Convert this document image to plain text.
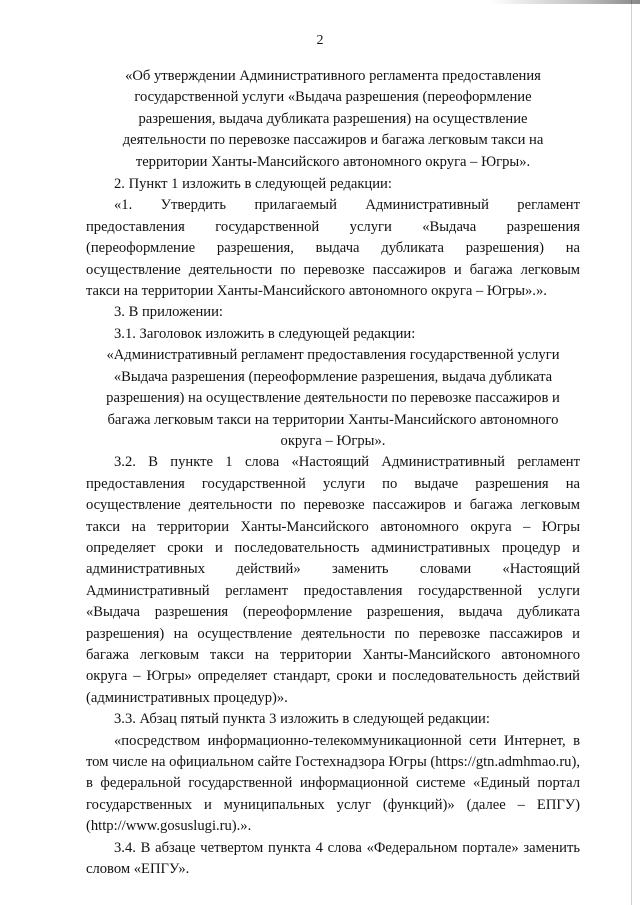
2

«Об утверждении Административного регламента предоставления государственной услуги «Выдача разрешения (переоформление разрешения, выдача дубликата разрешения) на осуществление деятельности по перевозке пассажиров и багажа легковым такси на территории Ханты-Мансийского автономного округа – Югры».

2. Пункт 1 изложить в следующей редакции:

«1. Утвердить прилагаемый Административный регламент предоставления государственной услуги «Выдача разрешения (переоформление разрешения, выдача дубликата разрешения) на осуществление деятельности по перевозке пассажиров и багажа легковым такси на территории Ханты-Мансийского автономного округа – Югры».».

3. В приложении:

3.1. Заголовок изложить в следующей редакции:

«Административный регламент предоставления государственной услуги «Выдача разрешения (переоформление разрешения, выдача дубликата разрешения) на осуществление деятельности по перевозке пассажиров и багажа легковым такси на территории Ханты-Мансийского автономного округа – Югры».

3.2. В пункте 1 слова «Настоящий Административный регламент предоставления государственной услуги по выдаче разрешения на осуществление деятельности по перевозке пассажиров и багажа легковым такси на территории Ханты-Мансийского автономного округа – Югры определяет сроки и последовательность административных процедур и административных действий» заменить словами «Настоящий Административный регламент предоставления государственной услуги «Выдача разрешения (переоформление разрешения, выдача дубликата разрешения) на осуществление деятельности по перевозке пассажиров и багажа легковым такси на территории Ханты-Мансийского автономного округа – Югры» определяет стандарт, сроки и последовательность действий (административных процедур)».

3.3. Абзац пятый пункта 3 изложить в следующей редакции:

«посредством информационно-телекоммуникационной сети Интернет, в том числе на официальном сайте Гостехнадзора Югры (https://gtn.admhmao.ru), в федеральной государственной информационной системе «Единый портал государственных и муниципальных услуг (функций)» (далее – ЕПГУ) (http://www.gosuslugi.ru).».

3.4. В абзаце четвертом пункта 4 слова «Федеральном портале» заменить словом «ЕПГУ».
